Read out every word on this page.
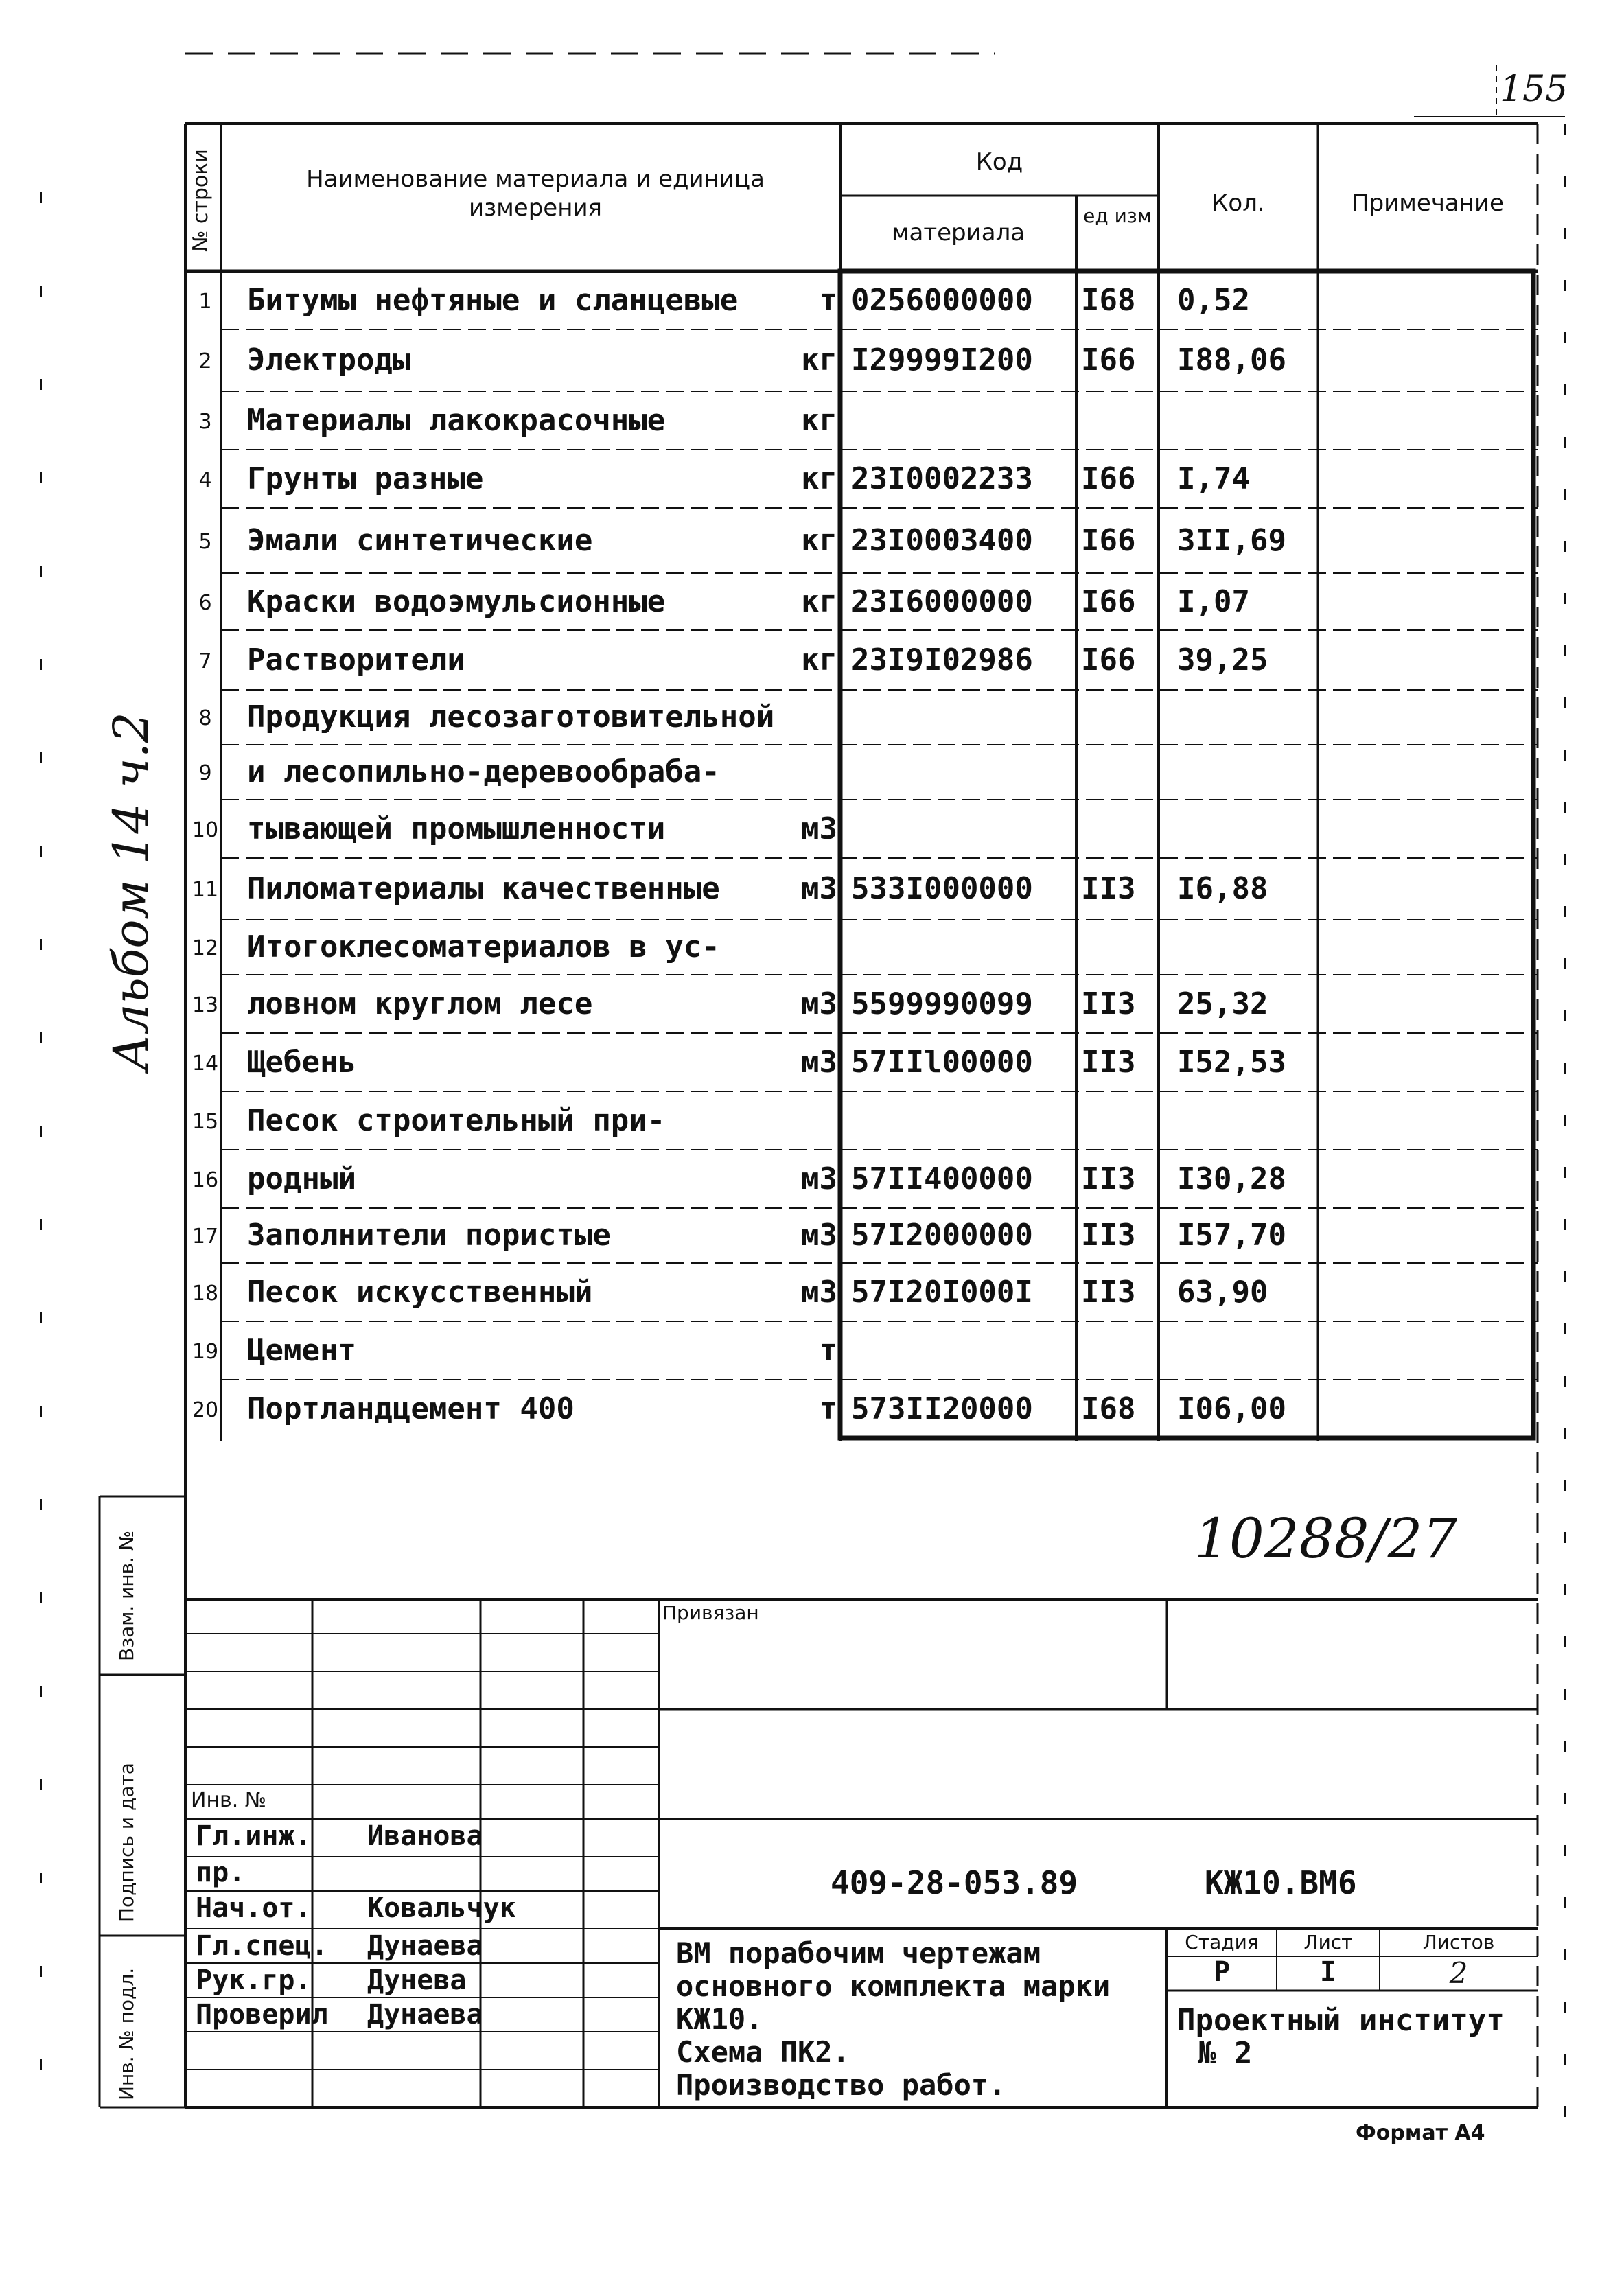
155
Альбом 14 ч.2
№ строки	Наименование материала и единица измерения
Код
материала
ед изм	Кол.	Примечание
1 Битумы нефтяные и сланцевые	т 0256000000 I68 0,52
2 Электроды	кг I29999I200 I66 I88,06
3 Материалы лакокрасочные	кг
4 Грунты разные	кг 23I0002233 I66 I,74
5 Эмали синтетические	кг 23I0003400 I66 3II,69
6 Краски водоэмульсионные	кг 23I6000000 I66 I,07
7 Растворители	кг 23I9I02986 I66 39,25
8 Продукция лесозаготовительной
9 и лесопильно-деревообраба-
10 тывающей промышленности	м3
11 Пиломатериалы качественные	м3 533I000000 II3 I6,88
12 Итогоклесоматериалов в ус-
13 ловном круглом лесе	м3 5599990099 II3 25,32
14 Щебень	м3 57IIl00000 II3 I52,53
15 Песок строительный при-
16 родный	м3 57II400000 II3 I30,28
17 Заполнители пористые	м3 57I2000000 II3 I57,70
18 Песок искусственный	м3 57I20I000I II3 63,90
19 Цемент	т
20 Портландцемент 400	т 573II20000 I68 I06,00
10288/27
Взам. инв. №
Подпись и дата
Инв. № подл.
Привязан
Инв. №
Гл.инж. Иванова
пр.
Нач.от. Ковальчук
Гл.спец. Дунаева
Рук.гр. Дунева
Проверил Дунаева
409-28-053.89	КЖ10.ВМ6
ВМ порабочим чертежам
основного комплекта марки
КЖ10.
Схема ПК2.
Производство работ.
Стадия	Лист	Листов
Р	I	2
Проектный институт
№ 2
Формат А4
